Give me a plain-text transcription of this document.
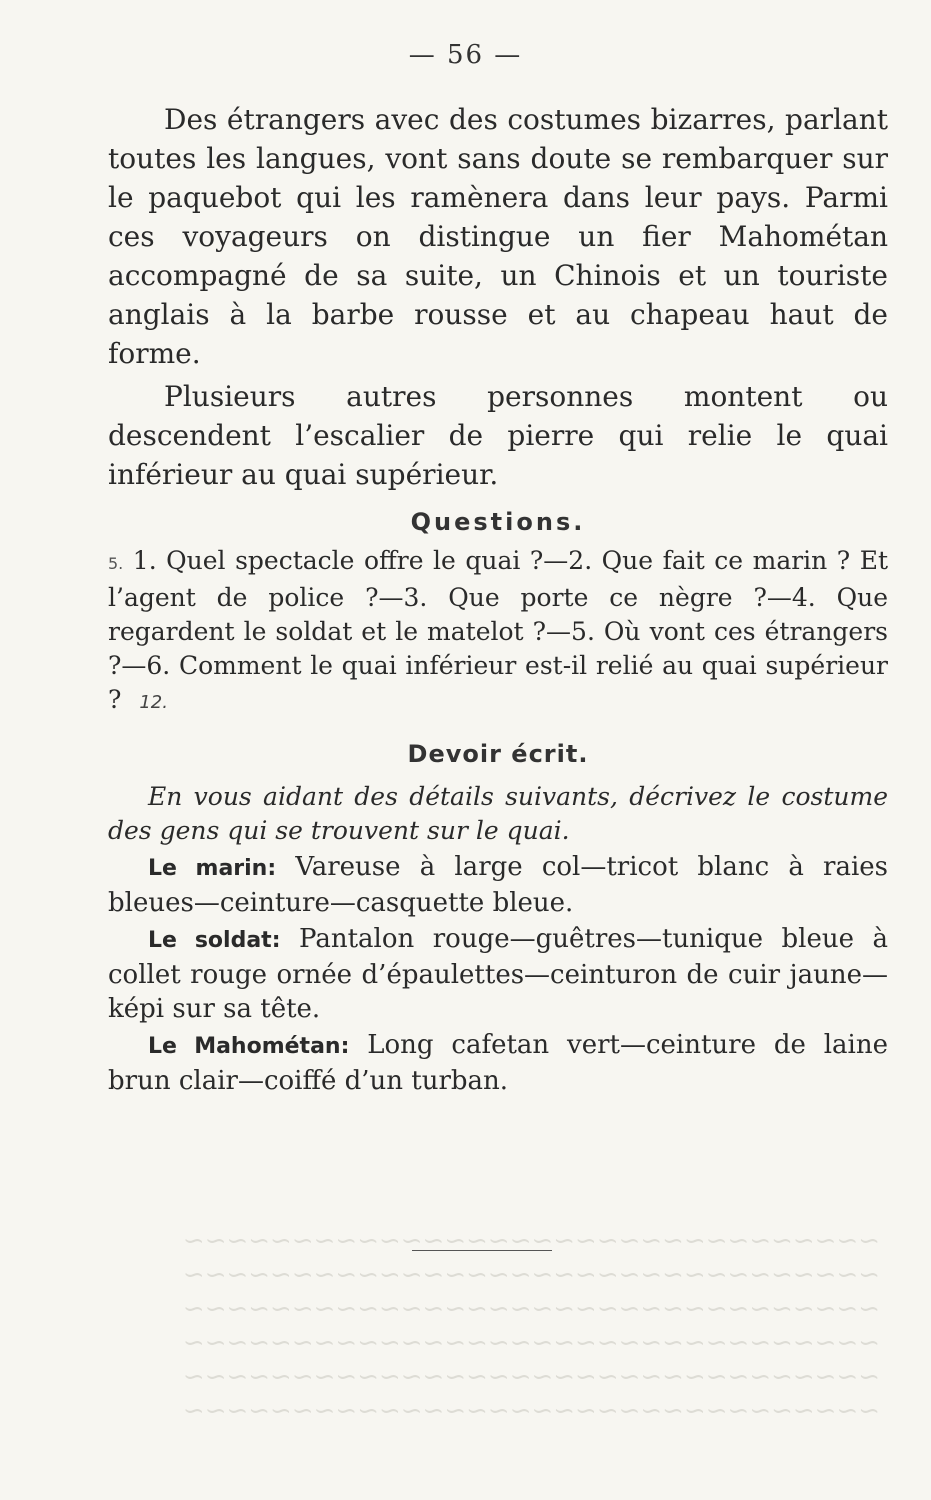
~~~~~~~~~~~~~~~~~~~~~~~~~~~~~~~~
~~~~~~~~~~~~~~~~~~~~~~~~~~~~~~~~
~~~~~~~~~~~~~~~~~~~~~~~~~~~~~~~~
~~~~~~~~~~~~~~~~~~~~~~~~~~~~~~~~
~~~~~~~~~~~~~~~~~~~~~~~~~~~~~~~~
~~~~~~~~~~~~~~~~~~~~~~~~~~~~~~~~

— 56 —

Des étrangers avec des costumes bizarres, parlant toutes les langues, vont sans doute se rembarquer sur le paquebot qui les ramènera dans leur pays. Parmi ces voyageurs on distingue un fier Mahométan accompagné de sa suite, un Chinois et un touriste anglais à la barbe rousse et au chapeau haut de forme.

Plusieurs autres personnes montent ou descendent l’escalier de pierre qui relie le quai inférieur au quai supérieur.

Questions.

5. 1. Quel spectacle offre le quai ?—2. Que fait ce marin ? Et l’agent de police ?—3. Que porte ce nègre ?—4. Que regardent le soldat et le matelot ?—5. Où vont ces étrangers ?—6. Comment le quai inférieur est-il relié au quai supérieur ? 12.

Devoir écrit.

En vous aidant des détails suivants, décrivez le costume des gens qui se trouvent sur le quai.

Le marin: Vareuse à large col—tricot blanc à raies bleues—ceinture—casquette bleue.

Le soldat: Pantalon rouge—guêtres—tunique bleue à collet rouge ornée d’épaulettes—ceinturon de cuir jaune—képi sur sa tête.

Le Mahométan: Long cafetan vert—ceinture de laine brun clair—coiffé d’un turban.
